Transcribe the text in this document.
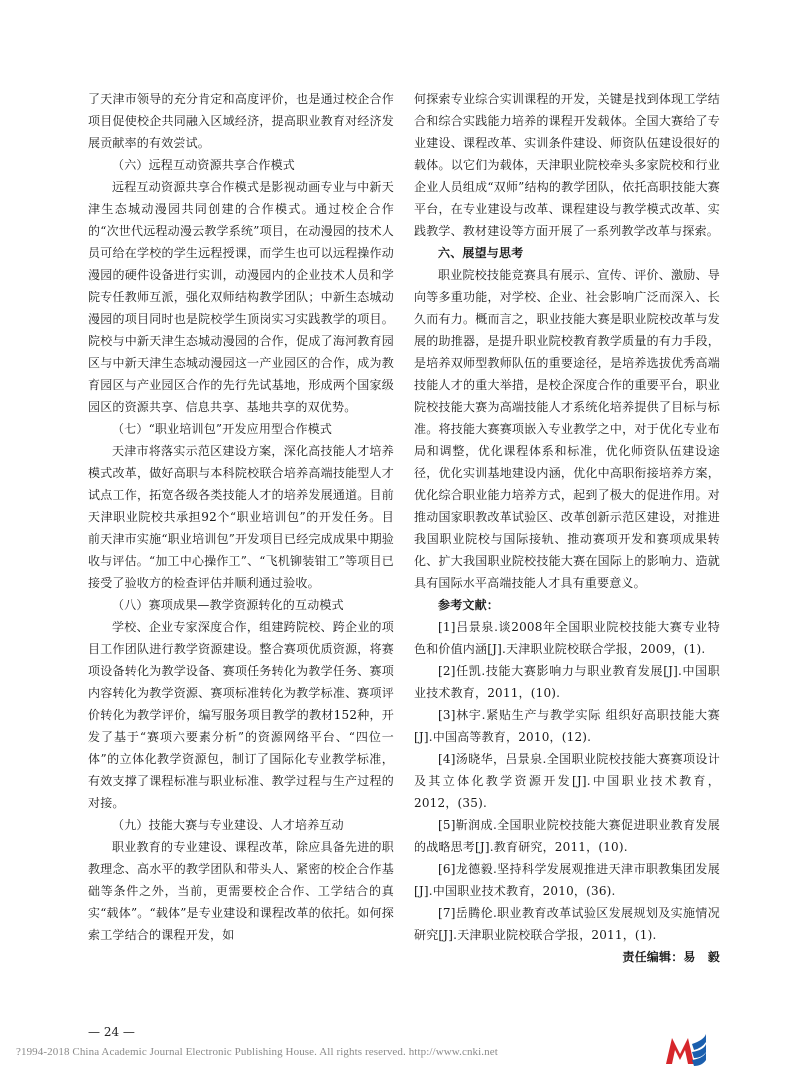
了天津市领导的充分肯定和高度评价，也是通过校企合作项目促使校企共同融入区域经济，提高职业教育对经济发展贡献率的有效尝试。

（六）远程互动资源共享合作模式

远程互动资源共享合作模式是影视动画专业与中新天津生态城动漫园共同创建的合作模式。通过校企合作的“次世代远程动漫云教学系统”项目，在动漫园的技术人员可给在学校的学生远程授课，而学生也可以远程操作动漫园的硬件设备进行实训，动漫园内的企业技术人员和学院专任教师互派，强化双师结构教学团队；中新生态城动漫园的项目同时也是院校学生顶岗实习实践教学的项目。院校与中新天津生态城动漫园的合作，促成了海河教育园区与中新天津生态城动漫园这一产业园区的合作，成为教育园区与产业园区合作的先行先试基地，形成两个国家级园区的资源共享、信息共享、基地共享的双优势。

（七）“职业培训包”开发应用型合作模式

天津市将落实示范区建设方案，深化高技能人才培养模式改革，做好高职与本科院校联合培养高端技能型人才试点工作，拓宽各级各类技能人才的培养发展通道。目前天津职业院校共承担92个“职业培训包”的开发任务。目前天津市实施“职业培训包”开发项目已经完成成果中期验收与评估。“加工中心操作工”、“飞机铆装钳工”等项目已接受了验收方的检查评估并顺利通过验收。

（八）赛项成果—教学资源转化的互动模式

学校、企业专家深度合作，组建跨院校、跨企业的项目工作团队进行教学资源建设。整合赛项优质资源，将赛项设备转化为教学设备、赛项任务转化为教学任务、赛项内容转化为教学资源、赛项标准转化为教学标准、赛项评价转化为教学评价，编写服务项目教学的教材152种，开发了基于“赛项六要素分析”的资源网络平台、“四位一体”的立体化教学资源包，制订了国际化专业教学标准，有效支撑了课程标准与职业标准、教学过程与生产过程的对接。

（九）技能大赛与专业建设、人才培养互动

职业教育的专业建设、课程改革，除应具备先进的职教理念、高水平的教学团队和带头人、紧密的校企合作基础等条件之外，当前，更需要校企合作、工学结合的真实“载体”。“载体”是专业建设和课程改革的依托。如何探索工学结合的课程开发，如

何探索专业综合实训课程的开发，关键是找到体现工学结合和综合实践能力培养的课程开发载体。全国大赛给了专业建设、课程改革、实训条件建设、师资队伍建设很好的载体。以它们为载体，天津职业院校牵头多家院校和行业企业人员组成“双师”结构的教学团队，依托高职技能大赛平台，在专业建设与改革、课程建设与教学模式改革、实践教学、教材建设等方面开展了一系列教学改革与探索。

六、展望与思考

职业院校技能竞赛具有展示、宣传、评价、激励、导向等多重功能，对学校、企业、社会影响广泛而深入、长久而有力。概而言之，职业技能大赛是职业院校改革与发展的助推器，是提升职业院校教育教学质量的有力手段，是培养双师型教师队伍的重要途径，是培养选拔优秀高端技能人才的重大举措，是校企深度合作的重要平台，职业院校技能大赛为高端技能人才系统化培养提供了目标与标准。将技能大赛赛项嵌入专业教学之中，对于优化专业布局和调整，优化课程体系和标准，优化师资队伍建设途径，优化实训基地建设内涵，优化中高职衔接培养方案，优化综合职业能力培养方式，起到了极大的促进作用。对推动国家职教改革试验区、改革创新示范区建设，对推进我国职业院校与国际接轨、推动赛项开发和赛项成果转化、扩大我国职业院校技能大赛在国际上的影响力、造就具有国际水平高端技能人才具有重要意义。

参考文献：

[1]吕景泉.谈2008年全国职业院校技能大赛专业特色和价值内涵[J].天津职业院校联合学报，2009，(1).

[2]任凯.技能大赛影响力与职业教育发展[J].中国职业技术教育，2011，(10).

[3]林宇.紧贴生产与教学实际 组织好高职技能大赛[J].中国高等教育，2010，(12).

[4]汤晓华，吕景泉.全国职业院校技能大赛赛项设计及其立体化教学资源开发[J].中国职业技术教育，2012，(35).

[5]靳润成.全国职业院校技能大赛促进职业教育发展的战略思考[J].教育研究，2011，(10).

[6]龙德毅.坚持科学发展观推进天津市职教集团发展[J].中国职业技术教育，2010，(36).

[7]岳腾伦.职业教育改革试验区发展规划及实施情况研究[J].天津职业院校联合学报，2011，(1).

责任编辑：易　毅

— 24 —
?1994-2018 China Academic Journal Electronic Publishing House. All rights reserved. http://www.cnki.net
